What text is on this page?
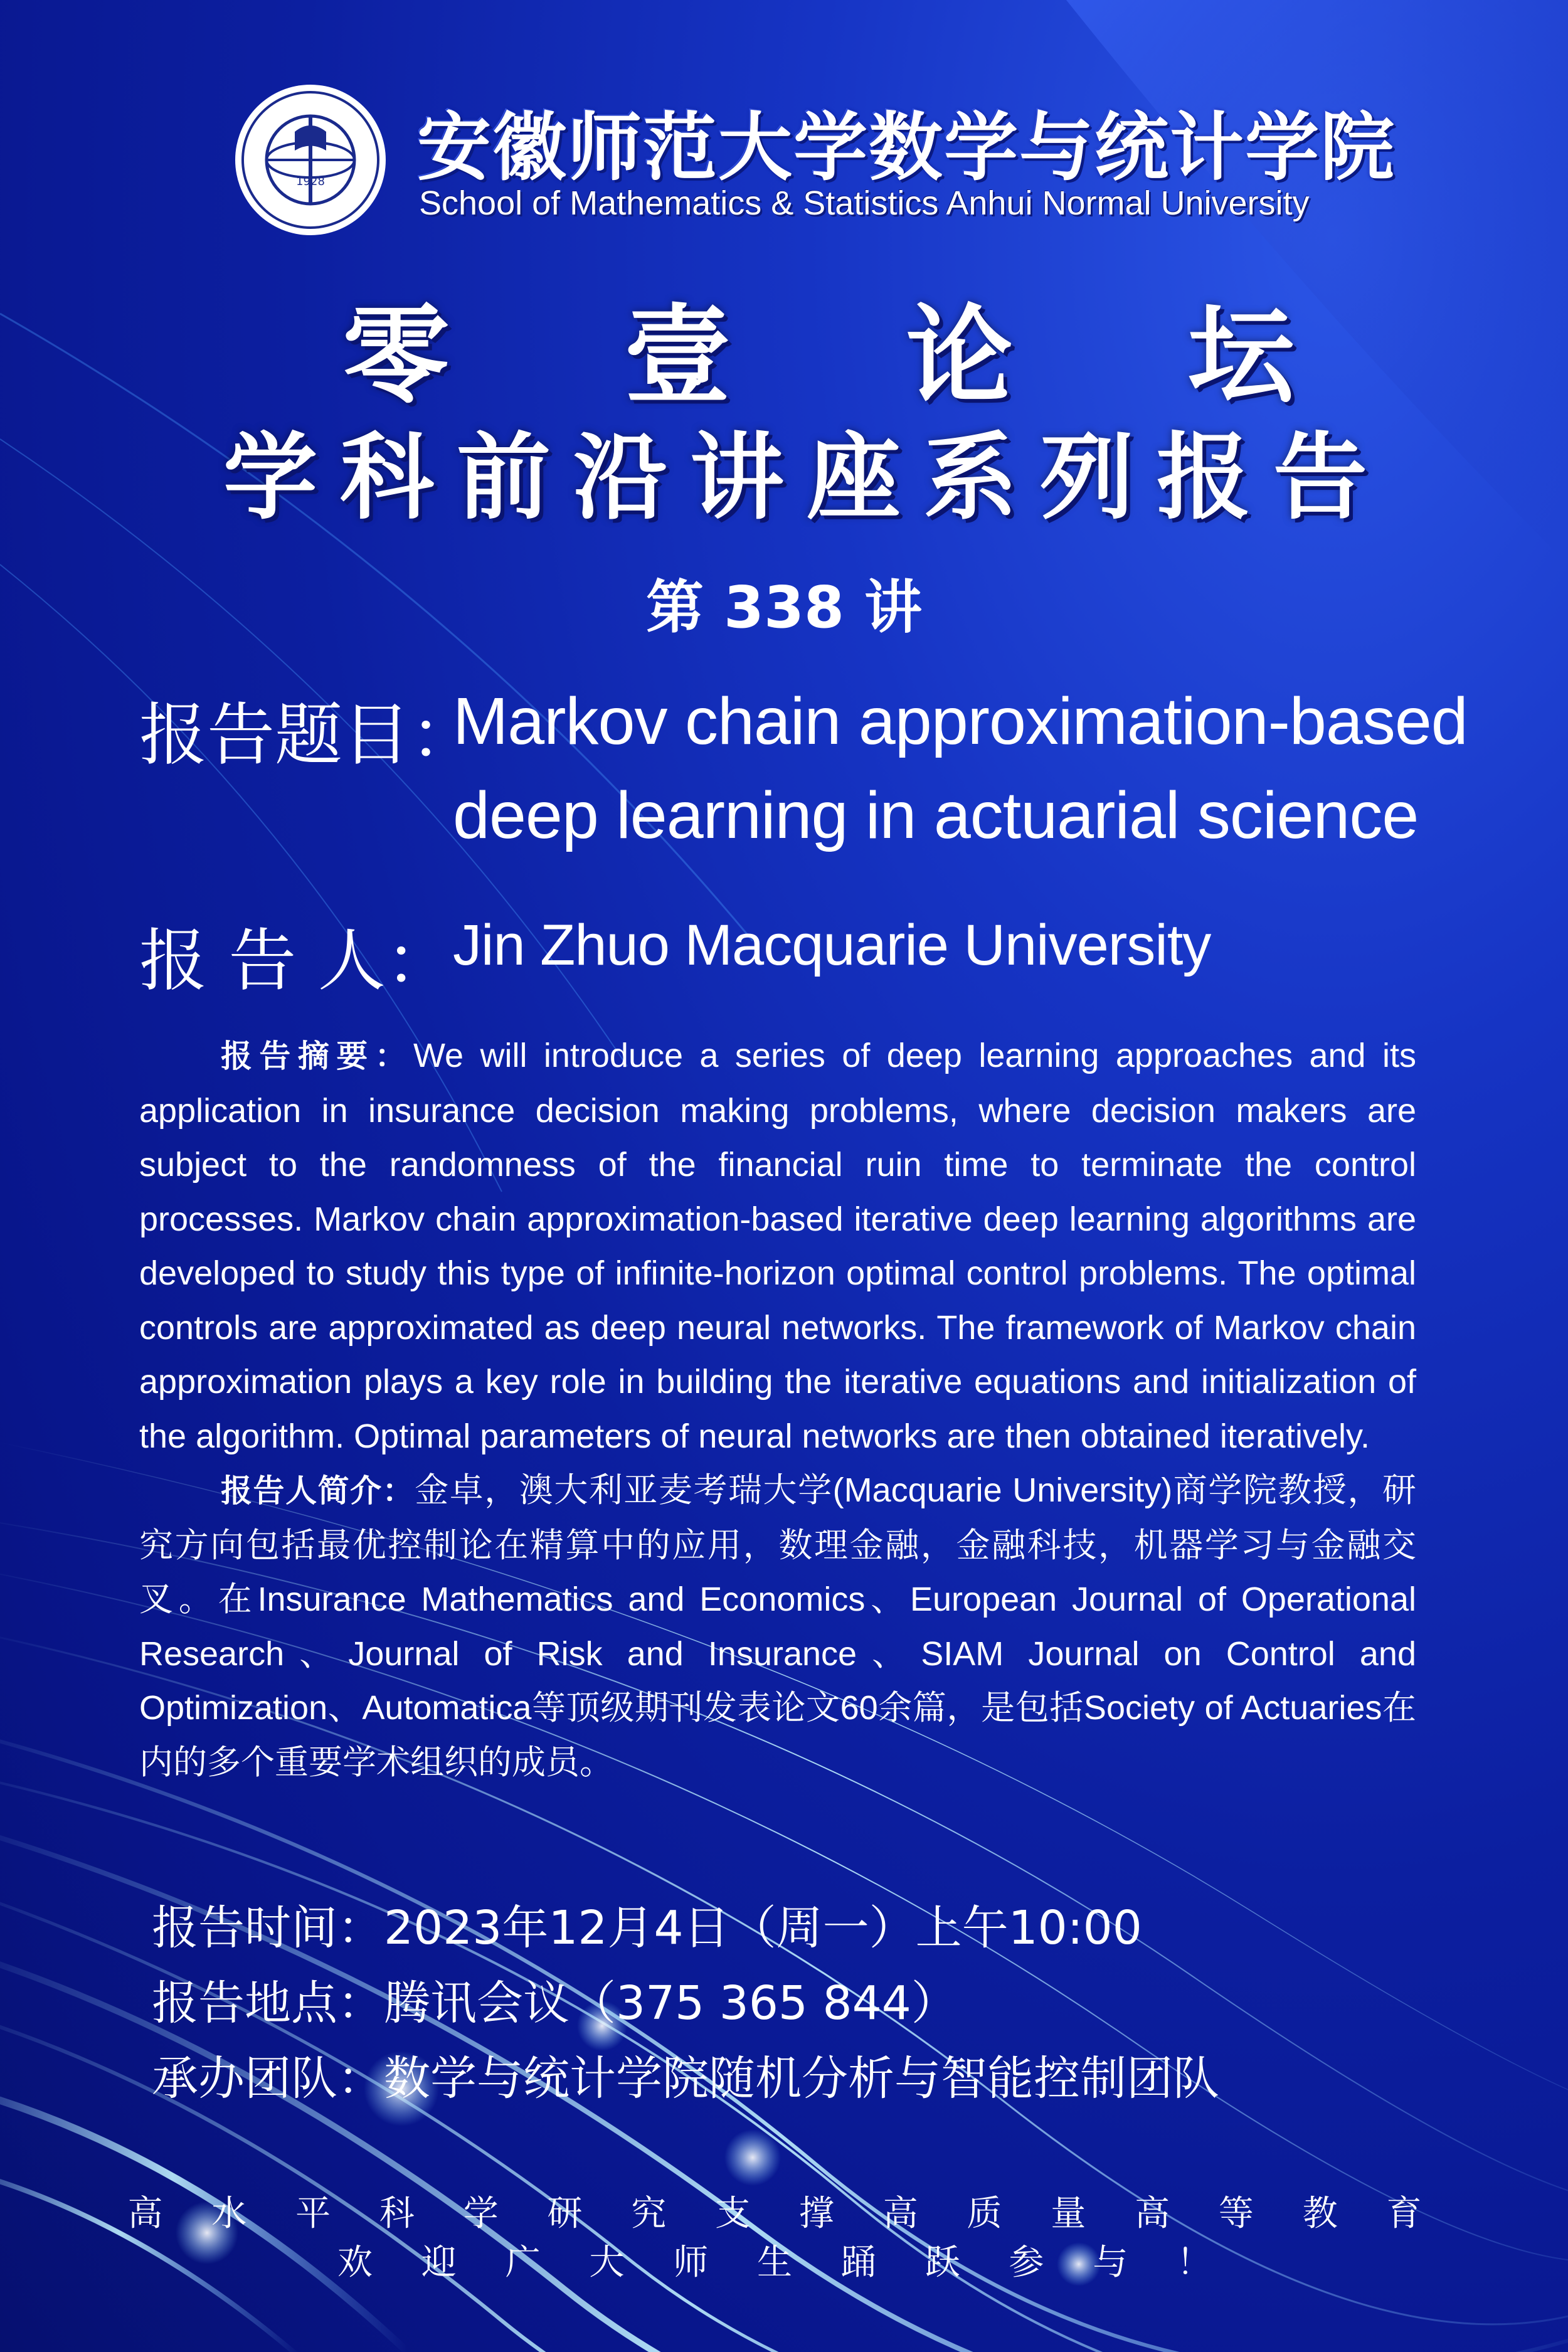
1928 安徽师范大学数学与统计学院
School of Mathematics & Statistics Anhui Normal University
零 壹 论 坛
学科前沿讲座系列报告
第 338 讲
报告题目：
Markov chain approximation-based
deep learning in actuarial science
报 告 人： Jin Zhuo Macquarie University

报告摘要：We will introduce a series of deep learning approaches and its application in insurance decision making problems, where decision makers are subject to the randomness of the financial ruin time to terminate the control processes. Markov chain approximation-based iterative deep learning algorithms are developed to study this type of infinite-horizon optimal control problems. The optimal controls are approximated as deep neural networks. The framework of Markov chain approximation plays a key role in building the iterative equations and initialization of the algorithm. Optimal parameters of neural networks are then obtained iteratively.

报告人简介：金卓，澳大利亚麦考瑞大学(Macquarie University)商学院教授，研究方向包括最优控制论在精算中的应用，数理金融，金融科技，机器学习与金融交叉。在Insurance Mathematics and Economics、European Journal of Operational Research、Journal of Risk and Insurance、SIAM Journal on Control and Optimization、Automatica等顶级期刊发表论文60余篇，是包括Society of Actuaries在内的多个重要学术组织的成员。

报告时间：2023年12月4日（周一）上午10:00
报告地点：腾讯会议（375 365 844）
承办团队：数学与统计学院随机分析与智能控制团队
高 水 平 科 学 研 究 支 撑 高 质 量 高 等 教 育
欢 迎 广 大 师 生 踊 跃 参 与 ！
